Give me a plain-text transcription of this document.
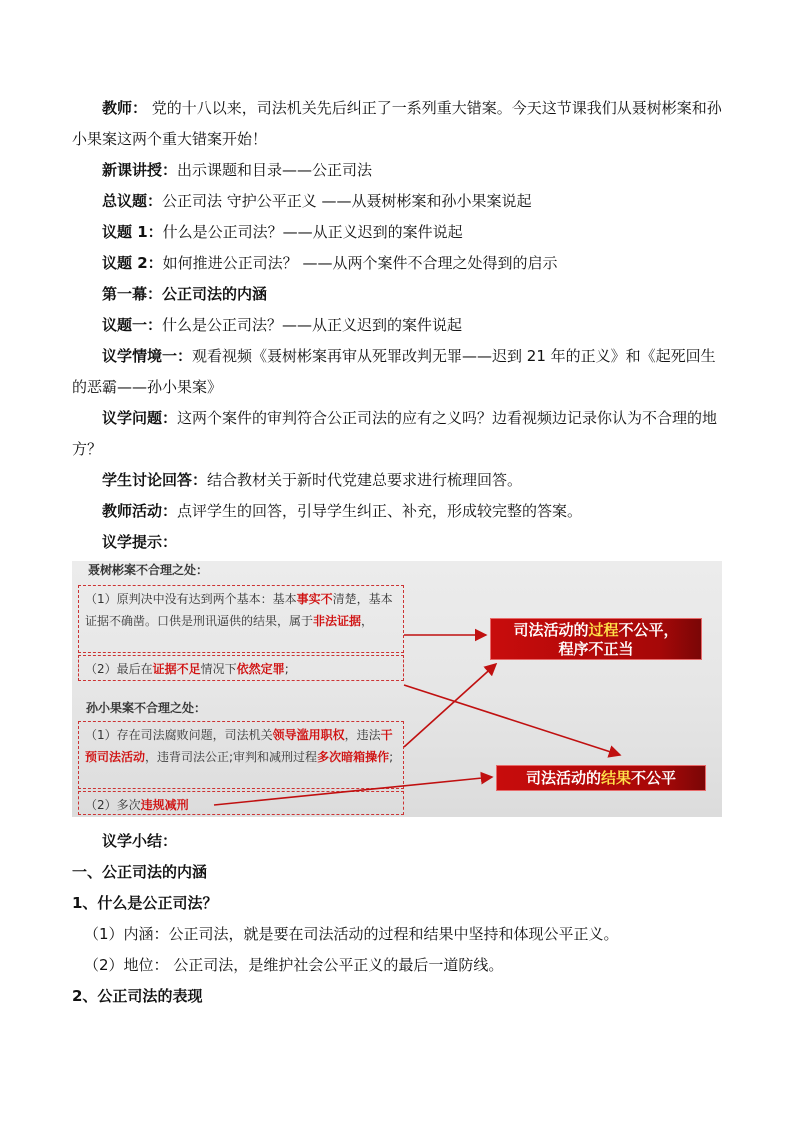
教师： 党的十八以来，司法机关先后纠正了一系列重大错案。今天这节课我们从聂树彬案和孙小果案这两个重大错案开始！

新课讲授：出示课题和目录——公正司法

总议题：公正司法 守护公平正义 ——从聂树彬案和孙小果案说起

议题 1：什么是公正司法？——从正义迟到的案件说起

议题 2：如何推进公正司法？ ——从两个案件不合理之处得到的启示

第一幕：公正司法的内涵

议题一：什么是公正司法？——从正义迟到的案件说起

议学情境一：观看视频《聂树彬案再审从死罪改判无罪——迟到 21 年的正义》和《起死回生的恶霸——孙小果案》

议学问题：这两个案件的审判符合公正司法的应有之义吗？边看视频边记录你认为不合理的地方？

学生讨论回答：结合教材关于新时代党建总要求进行梳理回答。

教师活动：点评学生的回答，引导学生纠正、补充，形成较完整的答案。

议学提示：

聂树彬案不合理之处：
（1）原判决中没有达到两个基本：基本事实不清楚，基本证据不确凿。口供是刑讯逼供的结果，属于非法证据，
（2）最后在证据不足情况下依然定罪;
孙小果案不合理之处：
（1）存在司法腐败问题，司法机关领导滥用职权，违法干预司法活动，违背司法公正;审判和减刑过程多次暗箱操作;
（2）多次违规减刑
司法活动的过程不公平，
程序不正当
司法活动的结果不公平

议学小结：

一、公正司法的内涵

1、什么是公正司法？

（1）内涵：公正司法，就是要在司法活动的过程和结果中坚持和体现公平正义。

（2）地位： 公正司法，是维护社会公平正义的最后一道防线。

2、公正司法的表现
